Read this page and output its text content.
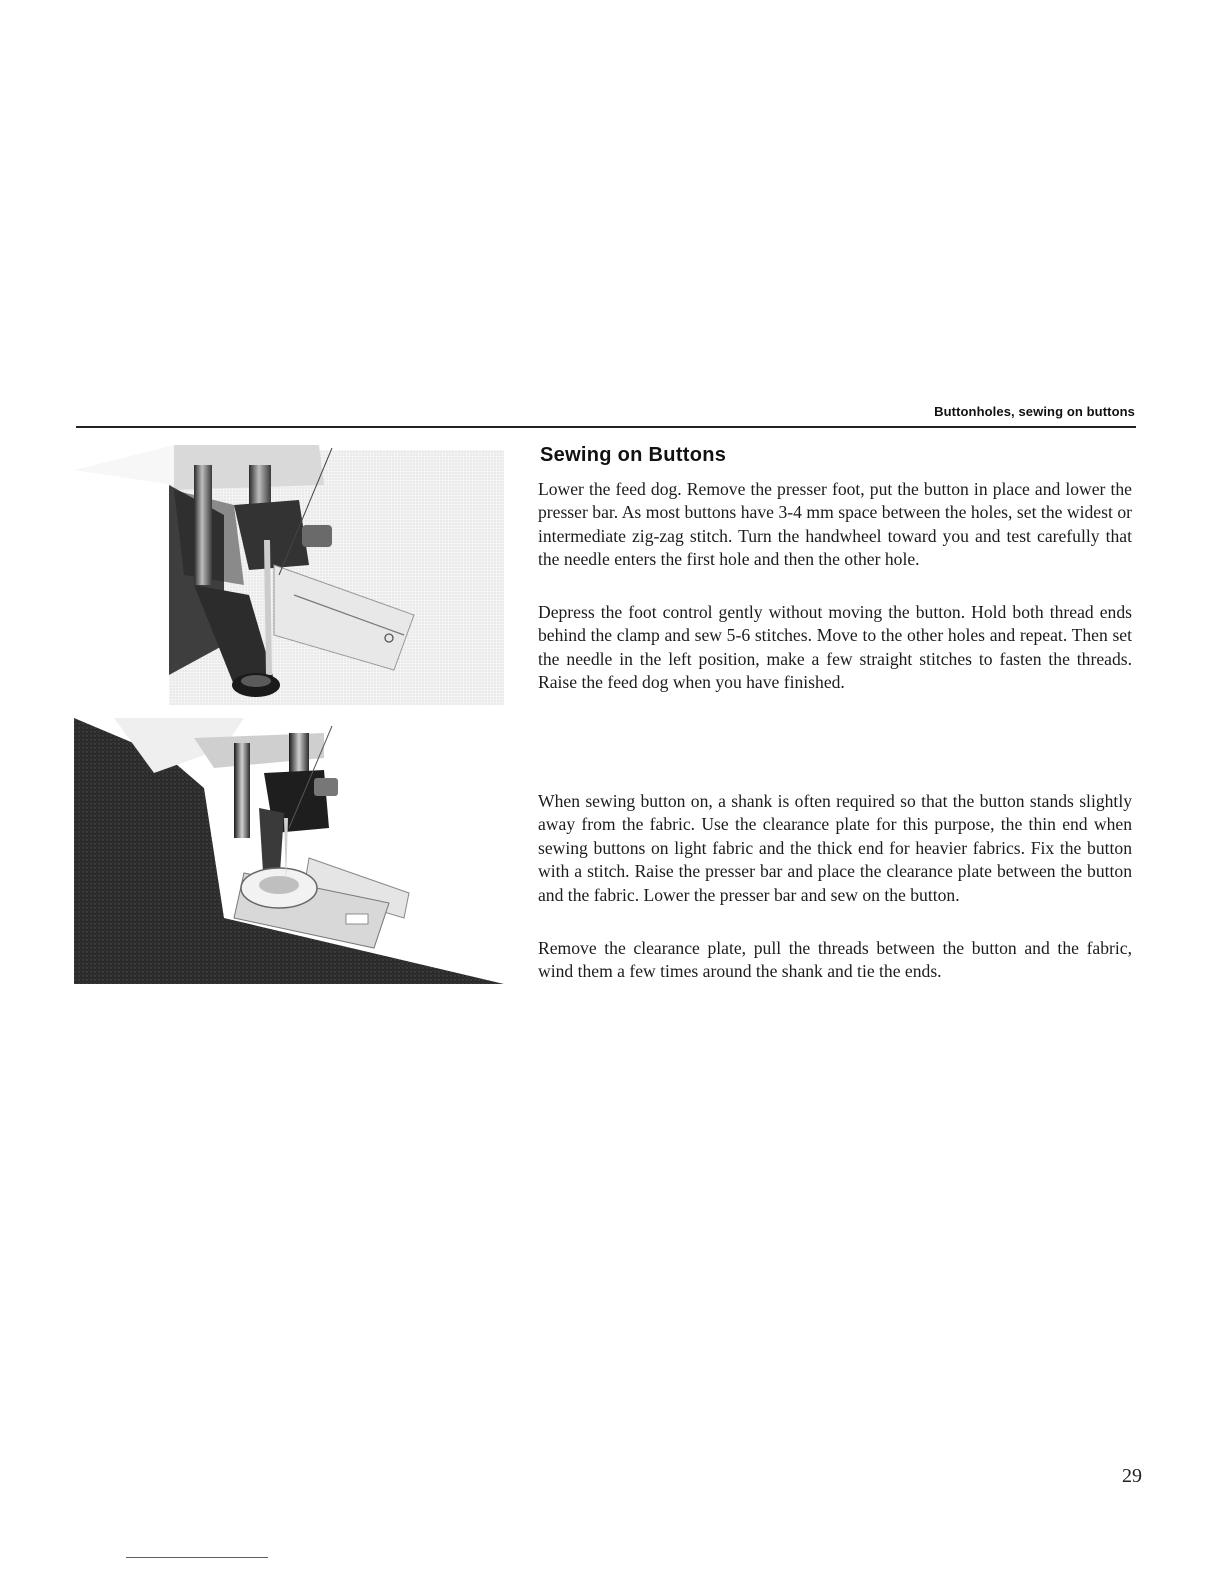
Buttonholes, sewing on buttons
Sewing on Buttons

Lower the feed dog. Remove the presser foot, put the button in place and lower the presser bar. As most buttons have 3-4 mm space between the holes, set the widest or intermediate zig-zag stitch. Turn the handwheel toward you and test carefully that the needle enters the first hole and then the other hole.

Depress the foot control gently without moving the button. Hold both thread ends behind the clamp and sew 5-6 stitches. Move to the other holes and repeat. Then set the needle in the left position, make a few straight stitches to fasten the threads. Raise the feed dog when you have finished.

When sewing button on, a shank is often required so that the button stands slightly away from the fabric. Use the clearance plate for this purpose, the thin end when sewing buttons on light fabric and the thick end for heavier fabrics. Fix the button with a stitch. Raise the presser bar and place the clearance plate between the button and the fabric. Lower the presser bar and sew on the button.

Remove the clearance plate, pull the threads between the button and the fabric, wind them a few times around the shank and tie the ends.

29
